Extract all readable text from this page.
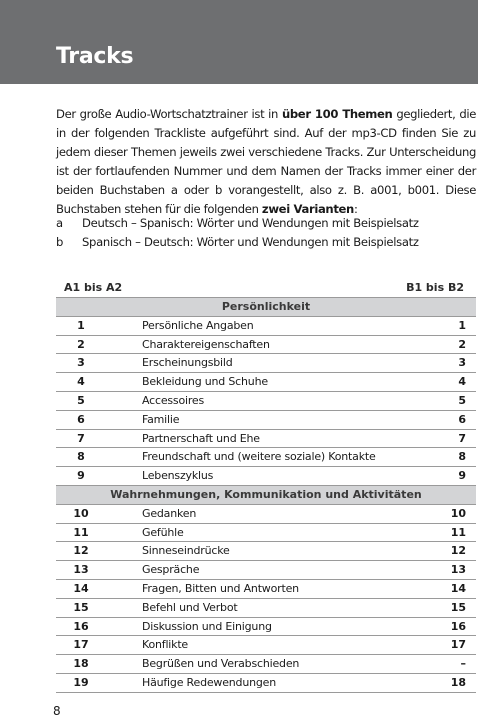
Tracks

Der große Audio-Wortschatztrainer ist in über 100 Themen gegliedert, die in der folgenden Trackliste aufgeführt sind. Auf der mp3-CD finden Sie zu jedem dieser Themen jeweils zwei verschiedene Tracks. Zur Unterscheidung ist der fortlaufenden Nummer und dem Namen der Tracks immer einer der beiden Buchstaben a oder b vorangestellt, also z. B. a001, b001. Diese Buchstaben stehen für die folgenden zwei Varianten:

a	Deutsch – Spanisch: Wörter und Wendungen mit Beispielsatz
b	Spanisch – Deutsch: Wörter und Wendungen mit Beispielsatz
A1 bis A2	B1 bis B2
Persönlichkeit
1	Persönliche Angaben	1
2	Charaktereigenschaften	2
3	Erscheinungsbild	3
4	Bekleidung und Schuhe	4
5	Accessoires	5
6	Familie	6
7	Partnerschaft und Ehe	7
8	Freundschaft und (weitere soziale) Kontakte	8
9	Lebenszyklus	9
Wahrnehmungen, Kommunikation und Aktivitäten
10	Gedanken	10
11	Gefühle	11
12	Sinneseindrücke	12
13	Gespräche	13
14	Fragen, Bitten und Antworten	14
15	Befehl und Verbot	15
16	Diskussion und Einigung	16
17	Konflikte	17
18	Begrüßen und Verabschieden	–
19	Häufige Redewendungen	18
8
